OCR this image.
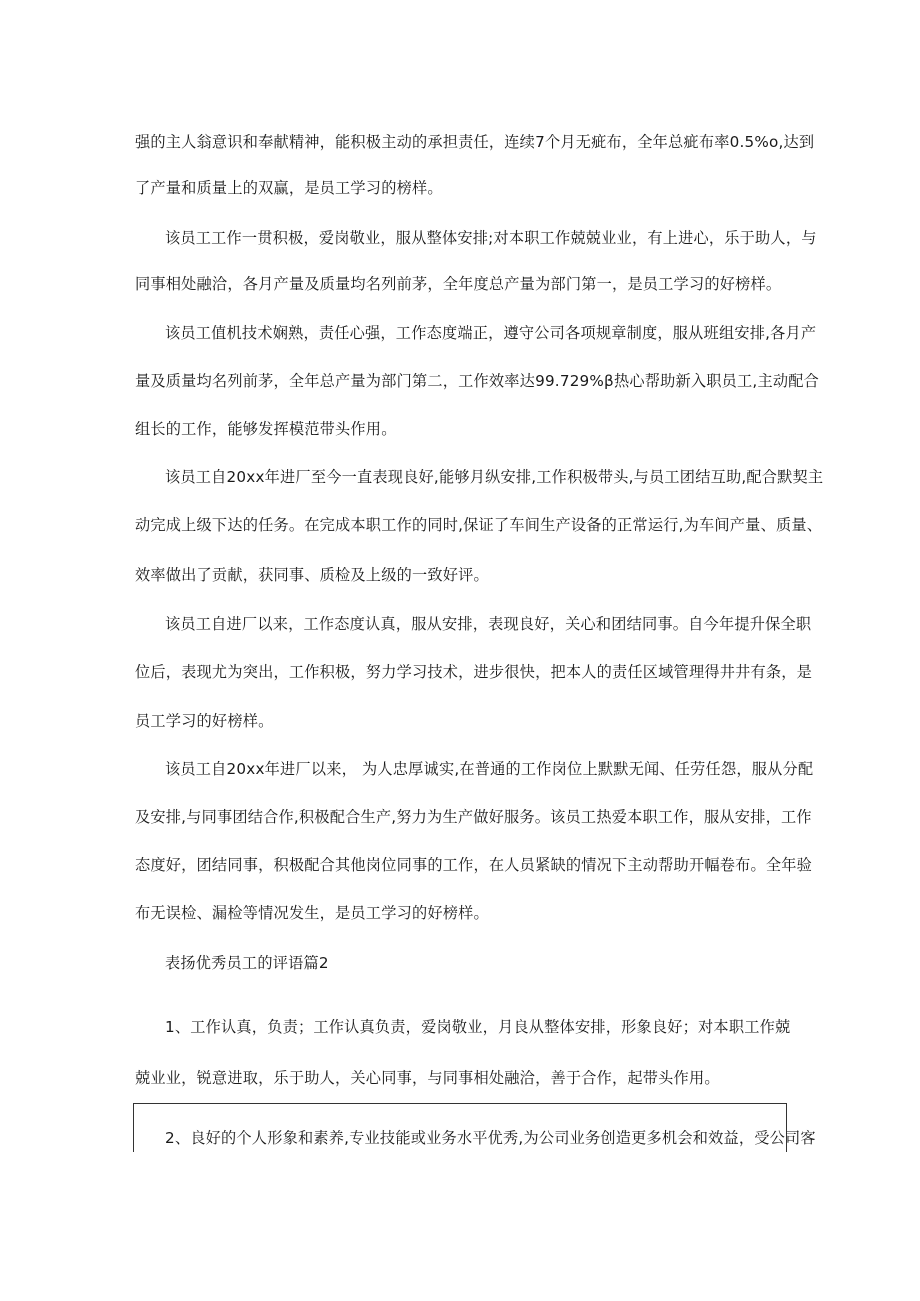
强的主人翁意识和奉献精神，能积极主动的承担责任，连续7个月无疵布，全年总疵布率0.5%o,达到
了产量和质量上的双赢，是员工学习的榜样。
该员工工作一贯积极，爱岗敬业，服从整体安排;对本职工作兢兢业业，有上进心，乐于助人，与
同事相处融洽，各月产量及质量均名列前茅，全年度总产量为部门第一，是员工学习的好榜样。
该员工值机技术娴熟，责任心强，工作态度端正，遵守公司各项规章制度，服从班组安排,各月产
量及质量均名列前茅，全年总产量为部门第二，工作效率达99.729%β热心帮助新入职员工,主动配合
组长的工作，能够发挥模范带头作用。
该员工自20xx年进厂至今一直表现良好,能够月纵安排,工作积极带头,与员工团结互助,配合默契主
动完成上级下达的任务。在完成本职工作的同时,保证了车间生产设备的正常运行,为车间产量、质量、
效率做出了贡献，获同事、质检及上级的一致好评。
该员工自进厂以来，工作态度认真，服从安排，表现良好，关心和团结同事。自今年提升保全职
位后，表现尤为突出，工作积极，努力学习技术，进步很快，把本人的责任区域管理得井井有条，是
员工学习的好榜样。
该员工自20xx年进厂以来， 为人忠厚诚实,在普通的工作岗位上默默无闻、任劳任怨，服从分配
及安排,与同事团结合作,积极配合生产,努力为生产做好服务。该员工热爱本职工作，服从安排，工作
态度好，团结同事，积极配合其他岗位同事的工作，在人员紧缺的情况下主动帮助开幅卷布。全年验
布无误检、漏检等情况发生，是员工学习的好榜样。
表扬优秀员工的评语篇2
1、工作认真，负责；工作认真负责，爱岗敬业，月良从整体安排，形象良好；对本职工作兢
兢业业，锐意进取，乐于助人，关心同事，与同事相处融洽，善于合作，起带头作用。
2、良好的个人形象和素养,专业技能或业务水平优秀,为公司业务创造更多机会和效益，受公司客
